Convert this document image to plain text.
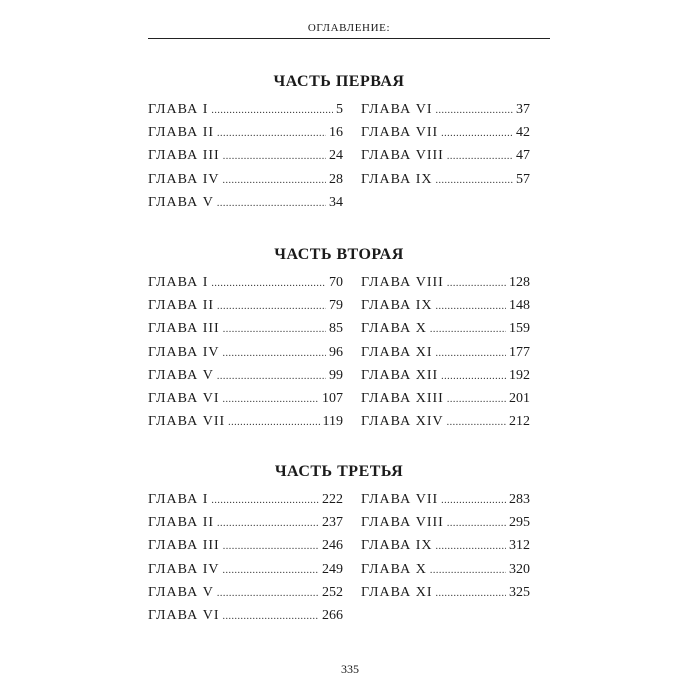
ОГЛАВЛЕНИЕ:
ЧАСТЬ ПЕРВАЯ
ГЛАВА I .....	5
ГЛАВА II .....	16
ГЛАВА III .....	24
ГЛАВА IV .....	28
ГЛАВА V .....	34
ГЛАВА VI .....	37
ГЛАВА VII .....	42
ГЛАВА VIII .....	47
ГЛАВА IX .....	57
ЧАСТЬ ВТОРАЯ
ГЛАВА I .....	70
ГЛАВА II .....	79
ГЛАВА III .....	85
ГЛАВА IV .....	96
ГЛАВА V .....	99
ГЛАВА VI .....	107
ГЛАВА VII .....	119
ГЛАВА VIII .....	128
ГЛАВА IX .....	148
ГЛАВА X .....	159
ГЛАВА XI .....	177
ГЛАВА XII .....	192
ГЛАВА XIII .....	201
ГЛАВА XIV .....	212
ЧАСТЬ ТРЕТЬЯ
ГЛАВА I .....	222
ГЛАВА II .....	237
ГЛАВА III .....	246
ГЛАВА IV .....	249
ГЛАВА V .....	252
ГЛАВА VI .....	266
ГЛАВА VII .....	283
ГЛАВА VIII .....	295
ГЛАВА IX .....	312
ГЛАВА X .....	320
ГЛАВА XI .....	325
335
